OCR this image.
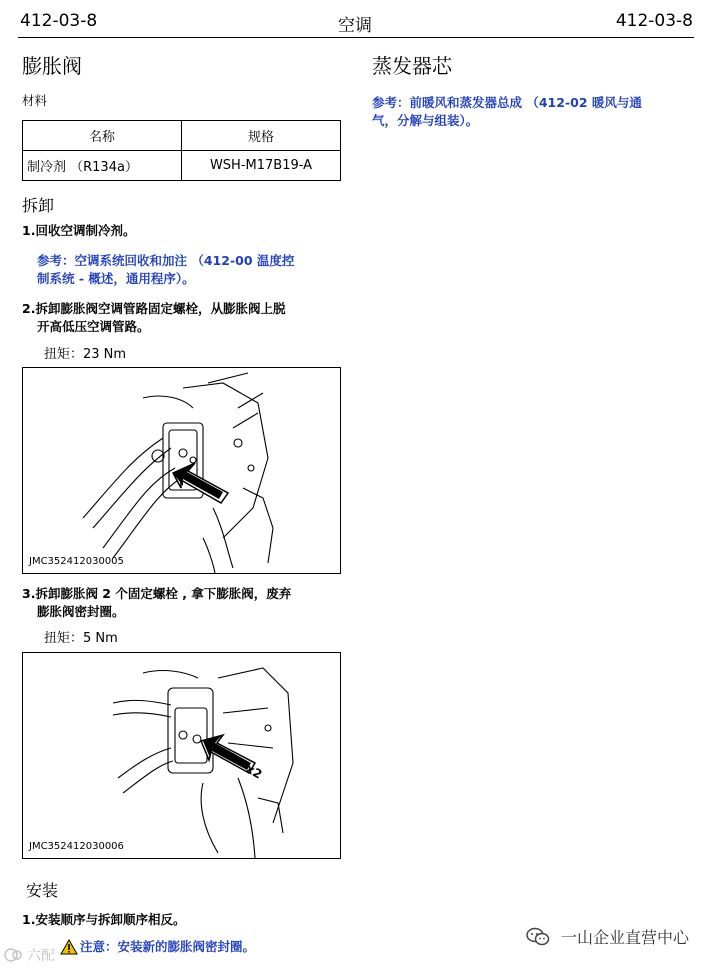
412-03-8	空调	412-03-8
膨胀阀
材料
名称	规格
制冷剂 （R134a）	WSH-M17B19-A
拆卸
1.回收空调制冷剂。
参考：空调系统回收和加注 （412-00 温度控
制系统 - 概述，通用程序）。
2.拆卸膨胀阀空调管路固定螺栓，从膨胀阀上脱
开高低压空调管路。
扭矩：23 Nm
JMC352412030005
3.拆卸膨胀阀 2 个固定螺栓 , 拿下膨胀阀，废弃
膨胀阀密封圈。
扭矩：5 Nm
x2
JMC352412030006
安装
1.安装顺序与拆卸顺序相反。
注意：安装新的膨胀阀密封圈。
蒸发器芯
参考：前暖风和蒸发器总成 （412-02 暖风与通
气，分解与组装）。
六配
一山企业直营中心
